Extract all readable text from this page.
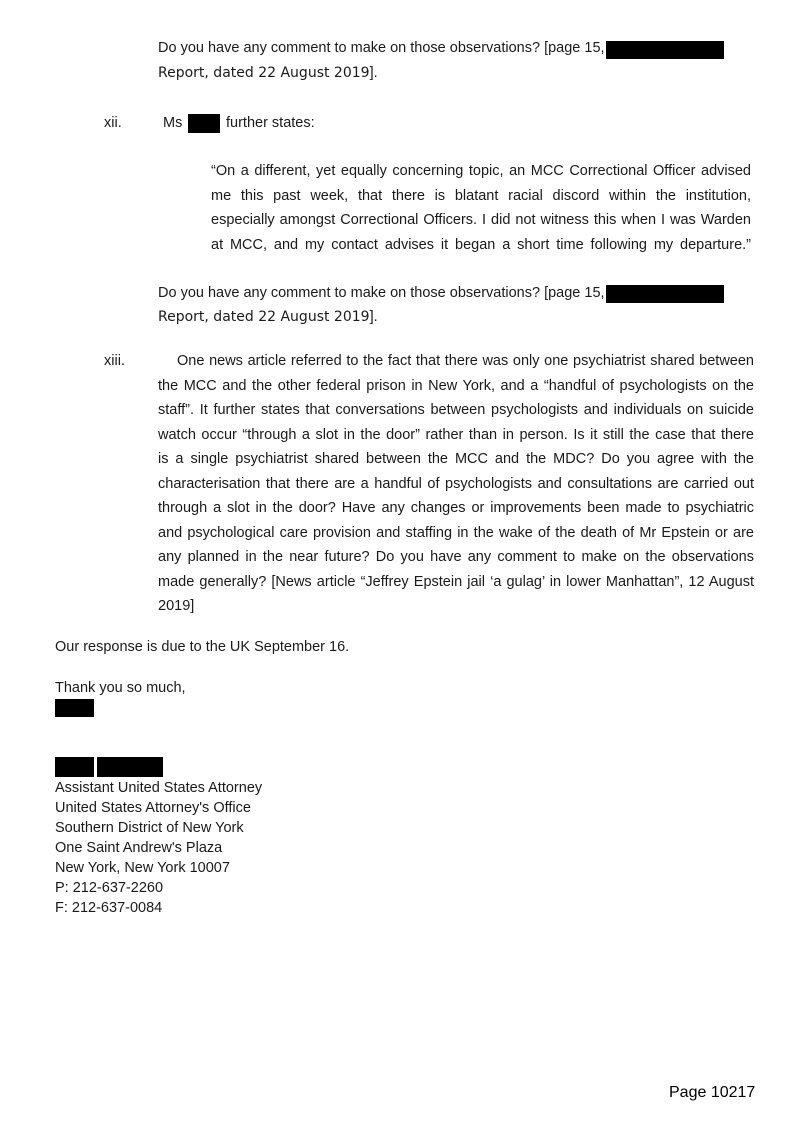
Do you have any comment to make on those observations? [page 15,
Report, dated 22 August 2019].
xii.	Ms	further states:
“On a different, yet equally concerning topic, an MCC Correctional Officer advised
me this past week, that there is blatant racial discord within the institution,
especially amongst Correctional Officers. I did not witness this when I was Warden
at MCC, and my contact advises it began a short time following my departure.”
Do you have any comment to make on those observations? [page 15,
Report, dated 22 August 2019].
xiii.	One news article referred to the fact that there was only one psychiatrist shared between
the MCC and the other federal prison in New York, and a “handful of psychologists on the
staff”. It further states that conversations between psychologists and individuals on suicide
watch occur “through a slot in the door” rather than in person. Is it still the case that there
is a single psychiatrist shared between the MCC and the MDC? Do you agree with the
characterisation that there are a handful of psychologists and consultations are carried out
through a slot in the door? Have any changes or improvements been made to psychiatric
and psychological care provision and staffing in the wake of the death of Mr Epstein or are
any planned in the near future? Do you have any comment to make on the observations
made generally? [News article “Jeffrey Epstein jail ‘a gulag’ in lower Manhattan”, 12 August
2019]
Our response is due to the UK September 16.
Thank you so much,
Assistant United States Attorney
United States Attorney's Office
Southern District of New York
One Saint Andrew's Plaza
New York, New York 10007
P: 212-637-2260
F: 212-637-0084
Page 10217
